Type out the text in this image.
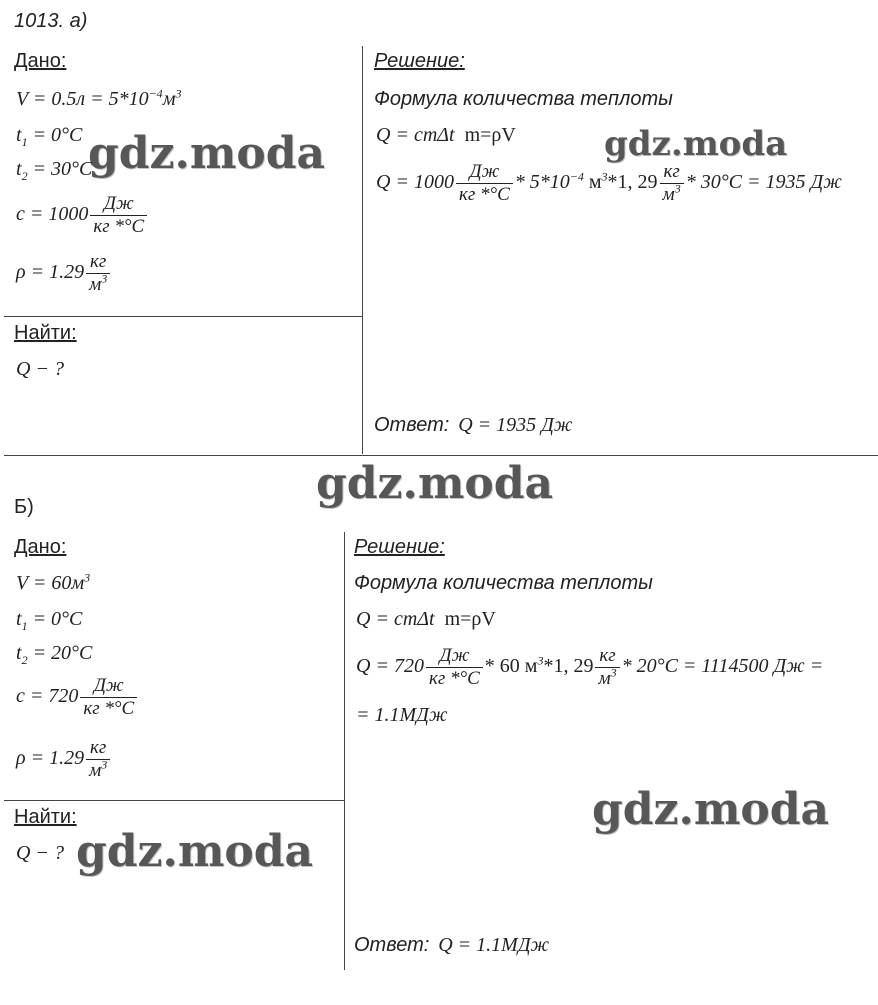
1013. а)
Дано:
$V = 0.5л = 5*10^{-4}м^3$
$t_1 = 0^\circ C$
$t_2 = 30^\circ C$
$c = 1000 \frac{Дж}{кг *^\circ C}$
$\rho = 1.29 \frac{кг}{м^3}$
Найти:
Q − ?
Решение:
Формула количества теплоты
Q = cmΔt m=ρV
$Q = 1000 \frac{Дж}{кг *^\circ C} * 5*10^{-4}$ $м^3*1$, $29 \frac{кг}{м^3} * 30^\circ C = 1935$ Дж
Ответ: Q = 1935 Дж
Б)
Дано:
$V = 60м^3$
$t_1 = 0^\circ C$
$t_2 = 20^\circ C$
$c = 720 \frac{Дж}{кг *^\circ C}$
$\rho = 1.29 \frac{кг}{м^3}$
Найти:
Q − ?
Решение:
Формула количества теплоты
Q = cmΔt m=ρV
$Q = 720 \frac{Дж}{кг *^\circ C} * 60$ $м^3*1$, $29 \frac{кг}{м^3} * 20^\circ C = 1114500$ Дж =
= 1.1МДж
Ответ: Q = 1.1МДж
gdz.moda	gdz.moda
gdz.moda
gdz.moda
gdz.moda
